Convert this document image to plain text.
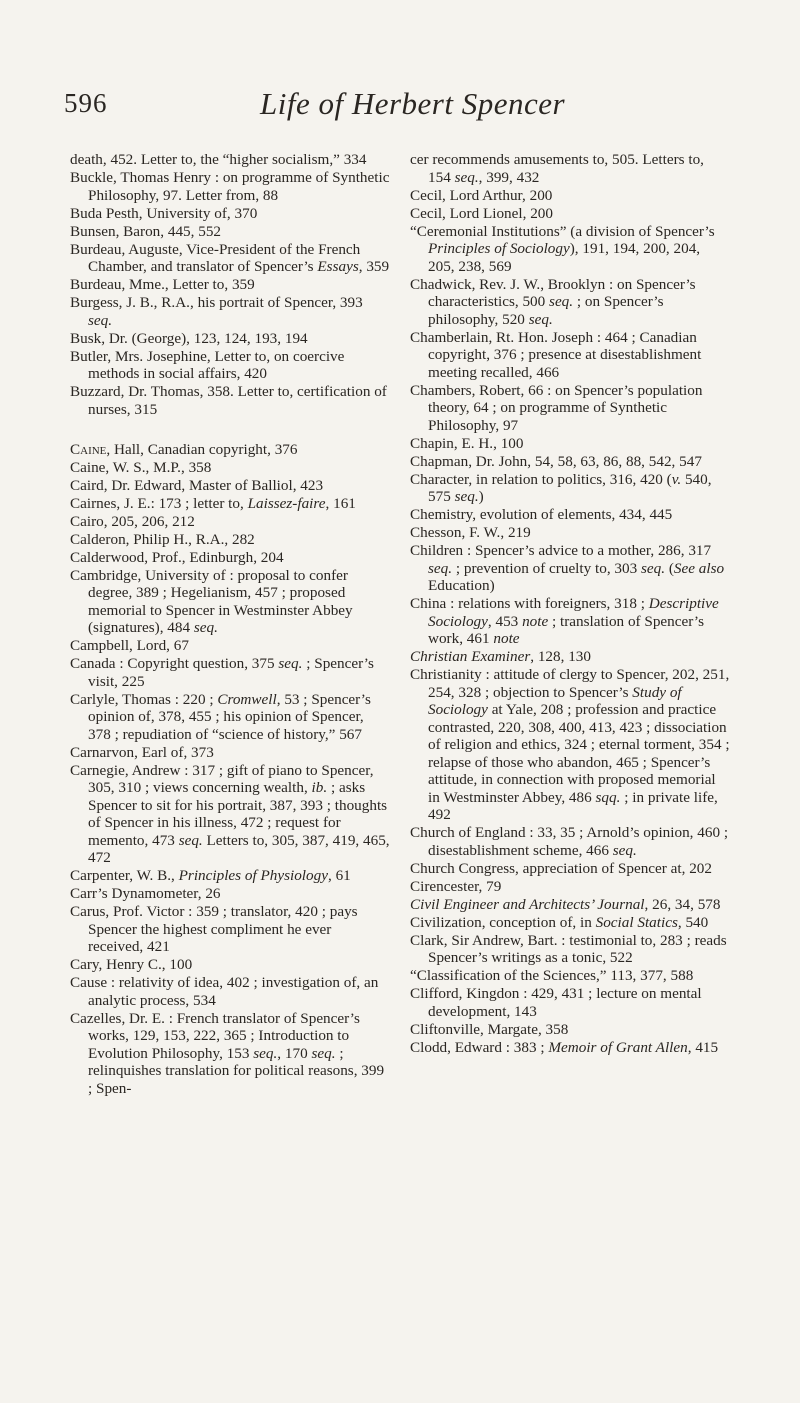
596	Life of Herbert Spencer

death, 452. Letter to, the “higher socialism,” 334

Buckle, Thomas Henry : on programme of Synthetic Philosophy, 97. Letter from, 88

Buda Pesth, University of, 370

Bunsen, Baron, 445, 552

Burdeau, Auguste, Vice-President of the French Chamber, and translator of Spencer’s Essays, 359

Burdeau, Mme., Letter to, 359

Burgess, J. B., R.A., his portrait of Spencer, 393 seq.

Busk, Dr. (George), 123, 124, 193, 194

Butler, Mrs. Josephine, Letter to, on coercive methods in social affairs, 420

Buzzard, Dr. Thomas, 358. Letter to, certification of nurses, 315

Caine, Hall, Canadian copyright, 376

Caine, W. S., M.P., 358

Caird, Dr. Edward, Master of Balliol, 423

Cairnes, J. E.: 173 ; letter to, Laissez-faire, 161

Cairo, 205, 206, 212

Calderon, Philip H., R.A., 282

Calderwood, Prof., Edinburgh, 204

Cambridge, University of : proposal to confer degree, 389 ; Hegelianism, 457 ; proposed memorial to Spencer in Westminster Abbey (signatures), 484 seq.

Campbell, Lord, 67

Canada : Copyright question, 375 seq. ; Spencer’s visit, 225

Carlyle, Thomas : 220 ; Cromwell, 53 ; Spencer’s opinion of, 378, 455 ; his opinion of Spencer, 378 ; repudiation of “science of history,” 567

Carnarvon, Earl of, 373

Carnegie, Andrew : 317 ; gift of piano to Spencer, 305, 310 ; views concerning wealth, ib. ; asks Spencer to sit for his portrait, 387, 393 ; thoughts of Spencer in his illness, 472 ; request for memento, 473 seq. Letters to, 305, 387, 419, 465, 472

Carpenter, W. B., Principles of Physiology, 61

Carr’s Dynamometer, 26

Carus, Prof. Victor : 359 ; translator, 420 ; pays Spencer the highest compliment he ever received, 421

Cary, Henry C., 100

Cause : relativity of idea, 402 ; investigation of, an analytic process, 534

Cazelles, Dr. E. : French translator of Spencer’s works, 129, 153, 222, 365 ; Introduction to Evolution Philosophy, 153 seq., 170 seq. ; relinquishes translation for political reasons, 399 ; Spen-

cer recommends amusements to, 505. Letters to, 154 seq., 399, 432

Cecil, Lord Arthur, 200

Cecil, Lord Lionel, 200

“Ceremonial Institutions” (a division of Spencer’s Principles of Sociology), 191, 194, 200, 204, 205, 238, 569

Chadwick, Rev. J. W., Brooklyn : on Spencer’s characteristics, 500 seq. ; on Spencer’s philosophy, 520 seq.

Chamberlain, Rt. Hon. Joseph : 464 ; Canadian copyright, 376 ; presence at disestablishment meeting recalled, 466

Chambers, Robert, 66 : on Spencer’s population theory, 64 ; on programme of Synthetic Philosophy, 97

Chapin, E. H., 100

Chapman, Dr. John, 54, 58, 63, 86, 88, 542, 547

Character, in relation to politics, 316, 420 (v. 540, 575 seq.)

Chemistry, evolution of elements, 434, 445

Chesson, F. W., 219

Children : Spencer’s advice to a mother, 286, 317 seq. ; prevention of cruelty to, 303 seq. (See also Education)

China : relations with foreigners, 318 ; Descriptive Sociology, 453 note ; translation of Spencer’s work, 461 note

Christian Examiner, 128, 130

Christianity : attitude of clergy to Spencer, 202, 251, 254, 328 ; objection to Spencer’s Study of Sociology at Yale, 208 ; profession and practice contrasted, 220, 308, 400, 413, 423 ; dissociation of religion and ethics, 324 ; eternal torment, 354 ; relapse of those who abandon, 465 ; Spencer’s attitude, in connection with proposed memorial in Westminster Abbey, 486 sqq. ; in private life, 492

Church of England : 33, 35 ; Arnold’s opinion, 460 ; disestablishment scheme, 466 seq.

Church Congress, appreciation of Spencer at, 202

Cirencester, 79

Civil Engineer and Architects’ Journal, 26, 34, 578

Civilization, conception of, in Social Statics, 540

Clark, Sir Andrew, Bart. : testimonial to, 283 ; reads Spencer’s writings as a tonic, 522

“Classification of the Sciences,” 113, 377, 588

Clifford, Kingdon : 429, 431 ; lecture on mental development, 143

Cliftonville, Margate, 358

Clodd, Edward : 383 ; Memoir of Grant Allen, 415
